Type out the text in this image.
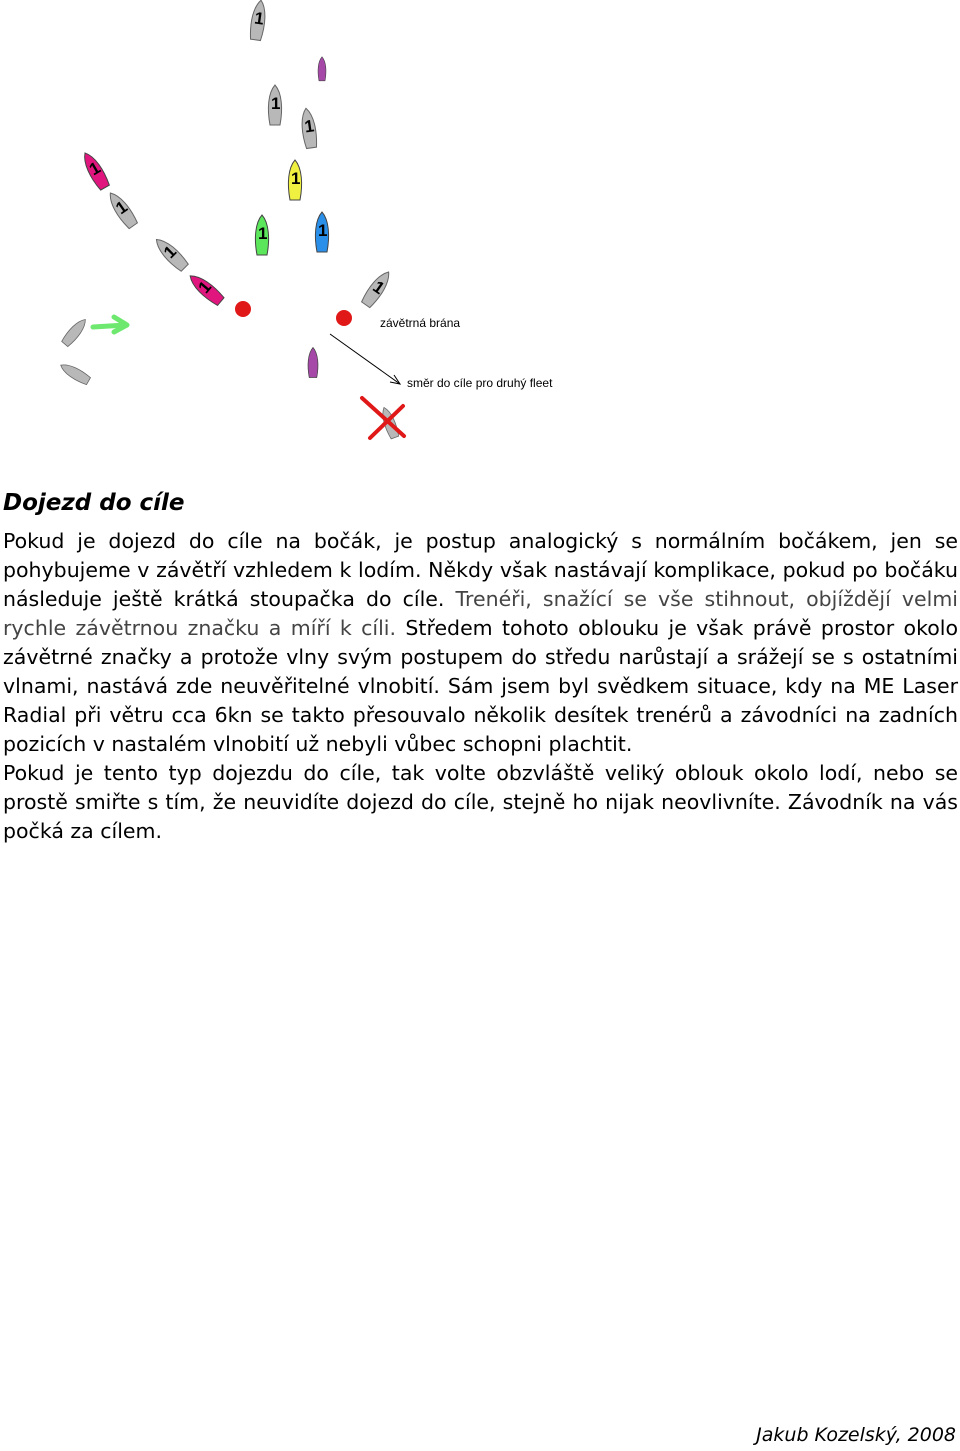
1
1
1
1
1
1
1	1
1	1
1
závětrná brána
směr do cíle pro druhý fleet
Dojezd do cíle

Pokud je dojezd do cíle na bočák, je postup analogický s normálním bočákem, jen se pohybujeme v závětří vzhledem k lodím. Někdy však nastávají komplikace, pokud po bočáku následuje ještě krátká stoupačka do cíle. Trenéři, snažící se vše stihnout, objíždějí velmi rychle závětrnou značku a míří k cíli. Středem tohoto oblouku je však právě prostor okolo závětrné značky a protože vlny svým postupem do středu narůstají a srážejí se s ostatními vlnami, nastává zde neuvěřitelné vlnobití. Sám jsem byl svědkem situace, kdy na ME Laser Radial při větru cca 6kn se takto přesouvalo několik desítek trenérů a závodníci na zadních pozicích v nastalém vlnobití už nebyli vůbec schopni plachtit.

Pokud je tento typ dojezdu do cíle, tak volte obzvláště veliký oblouk okolo lodí, nebo se prostě smiřte s tím, že neuvidíte dojezd do cíle, stejně ho nijak neovlivníte. Závodník na vás počká za cílem.

Jakub Kozelský, 2008
